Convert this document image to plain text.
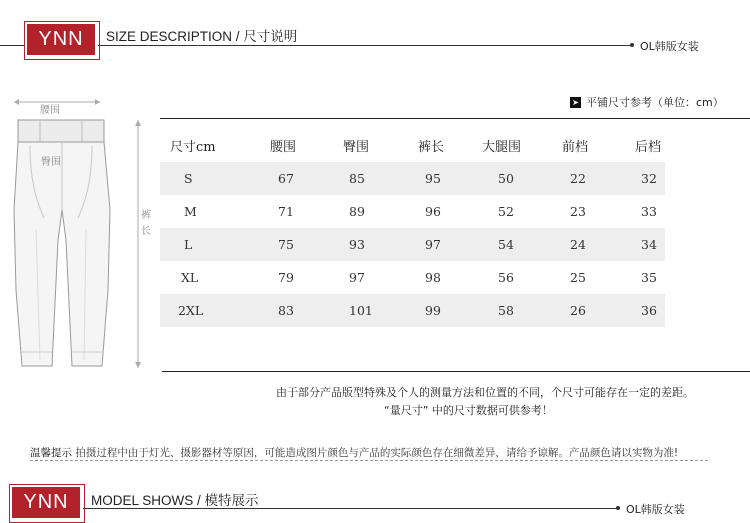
YNN	SIZE DESCRIPTION / 尺寸说明
OL韩版女装
腰围
臀围
裤
长
➤ 平铺尺寸参考（单位：cm）
尺寸cm	腰围	臀围	裤长	大腿围	前档	后档
S	67	85	95	50	22	32
M	71	89	96	52	23	33
L	75	93	97	54	24	34
XL	79	97	98	56	25	35
2XL	83	101	99	58	26	36
由于部分产品版型特殊及个人的测量方法和位置的不同，个尺寸可能存在一定的差距。
“量尺寸” 中的尺寸数据可供参考！
温馨提示 拍摄过程中由于灯光、摄影器材等原因，可能造成图片颜色与产品的实际颜色存在细微差异，请给予谅解。产品颜色请以实物为准!
YNN	MODEL SHOWS / 模特展示
OL韩版女装
